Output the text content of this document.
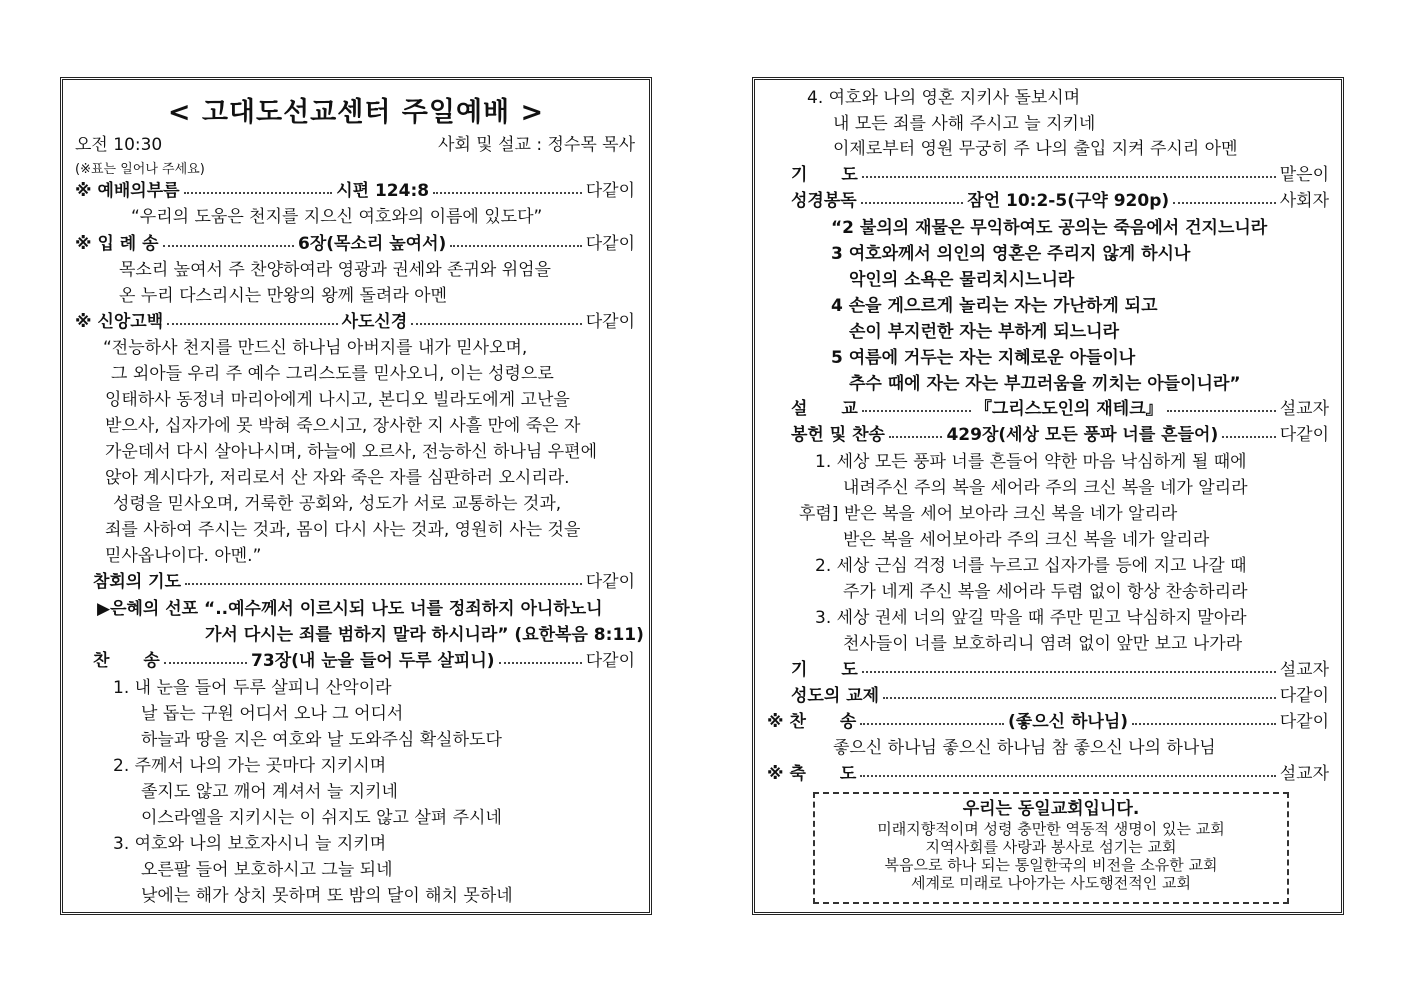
< 고대도선교센터 주일예배 >
오전 10:30	사회 및 설교 : 정수목 목사
(※표는 일어나 주세요)
※ 예배의부름	시편 124:8	다같이
“우리의 도움은 천지를 지으신 여호와의 이름에 있도다”
※ 입 례 송	6장(목소리 높여서)	다같이
목소리 높여서 주 찬양하여라 영광과 권세와 존귀와 위엄을
온 누리 다스리시는 만왕의 왕께 돌려라 아멘
※ 신앙고백	사도신경	다같이
“전능하사 천지를 만드신 하나님 아버지를 내가 믿사오며,
그 외아들 우리 주 예수 그리스도를 믿사오니, 이는 성령으로
잉태하사 동정녀 마리아에게 나시고, 본디오 빌라도에게 고난을
받으사, 십자가에 못 박혀 죽으시고, 장사한 지 사흘 만에 죽은 자
가운데서 다시 살아나시며, 하늘에 오르사, 전능하신 하나님 우편에
앉아 계시다가, 저리로서 산 자와 죽은 자를 심판하러 오시리라.
성령을 믿사오며, 거룩한 공회와, 성도가 서로 교통하는 것과,
죄를 사하여 주시는 것과, 몸이 다시 사는 것과, 영원히 사는 것을
믿사옵나이다. 아멘.”
참회의 기도	다같이
▶은혜의 선포 “..예수께서 이르시되 나도 너를 정죄하지 아니하노니
가서 다시는 죄를 범하지 말라 하시니라” (요한복음 8:11)
찬　　송	73장(내 눈을 들어 두루 살피니)	다같이
1. 내 눈을 들어 두루 살피니 산악이라
날 돕는 구원 어디서 오나 그 어디서
하늘과 땅을 지은 여호와 날 도와주심 확실하도다
2. 주께서 나의 가는 곳마다 지키시며
졸지도 않고 깨어 계셔서 늘 지키네
이스라엘을 지키시는 이 쉬지도 않고 살펴 주시네
3. 여호와 나의 보호자시니 늘 지키며
오른팔 들어 보호하시고 그늘 되네
낮에는 해가 상치 못하며 또 밤의 달이 해치 못하네
4. 여호와 나의 영혼 지키사 돌보시며
내 모든 죄를 사해 주시고 늘 지키네
이제로부터 영원 무궁히 주 나의 출입 지켜 주시리 아멘
기　　도	맡은이
성경봉독	잠언 10:2-5(구약 920p)	사회자
“2 불의의 재물은 무익하여도 공의는 죽음에서 건지느니라
3 여호와께서 의인의 영혼은 주리지 않게 하시나
악인의 소욕은 물리치시느니라
4 손을 게으르게 놀리는 자는 가난하게 되고
손이 부지런한 자는 부하게 되느니라
5 여름에 거두는 자는 지혜로운 아들이나
추수 때에 자는 자는 부끄러움을 끼치는 아들이니라”
설　　교	『그리스도인의 재테크』	설교자
봉헌 및 찬송	429장(세상 모든 풍파 너를 흔들어)	다같이
1. 세상 모든 풍파 너를 흔들어 약한 마음 낙심하게 될 때에
내려주신 주의 복을 세어라 주의 크신 복을 네가 알리라
후렴] 받은 복을 세어 보아라 크신 복을 네가 알리라
받은 복을 세어보아라 주의 크신 복을 네가 알리라
2. 세상 근심 걱정 너를 누르고 십자가를 등에 지고 나갈 때
주가 네게 주신 복을 세어라 두렴 없이 항상 찬송하리라
3. 세상 권세 너의 앞길 막을 때 주만 믿고 낙심하지 말아라
천사들이 너를 보호하리니 염려 없이 앞만 보고 나가라
기　　도	설교자
성도의 교제	다같이
※ 찬　　송	(좋으신 하나님)	다같이
좋으신 하나님 좋으신 하나님 참 좋으신 나의 하나님
※ 축　　도	설교자
우리는 동일교회입니다.
미래지향적이며 성령 충만한 역동적 생명이 있는 교회
지역사회를 사랑과 봉사로 섬기는 교회
복음으로 하나 되는 통일한국의 비전을 소유한 교회
세계로 미래로 나아가는 사도행전적인 교회
